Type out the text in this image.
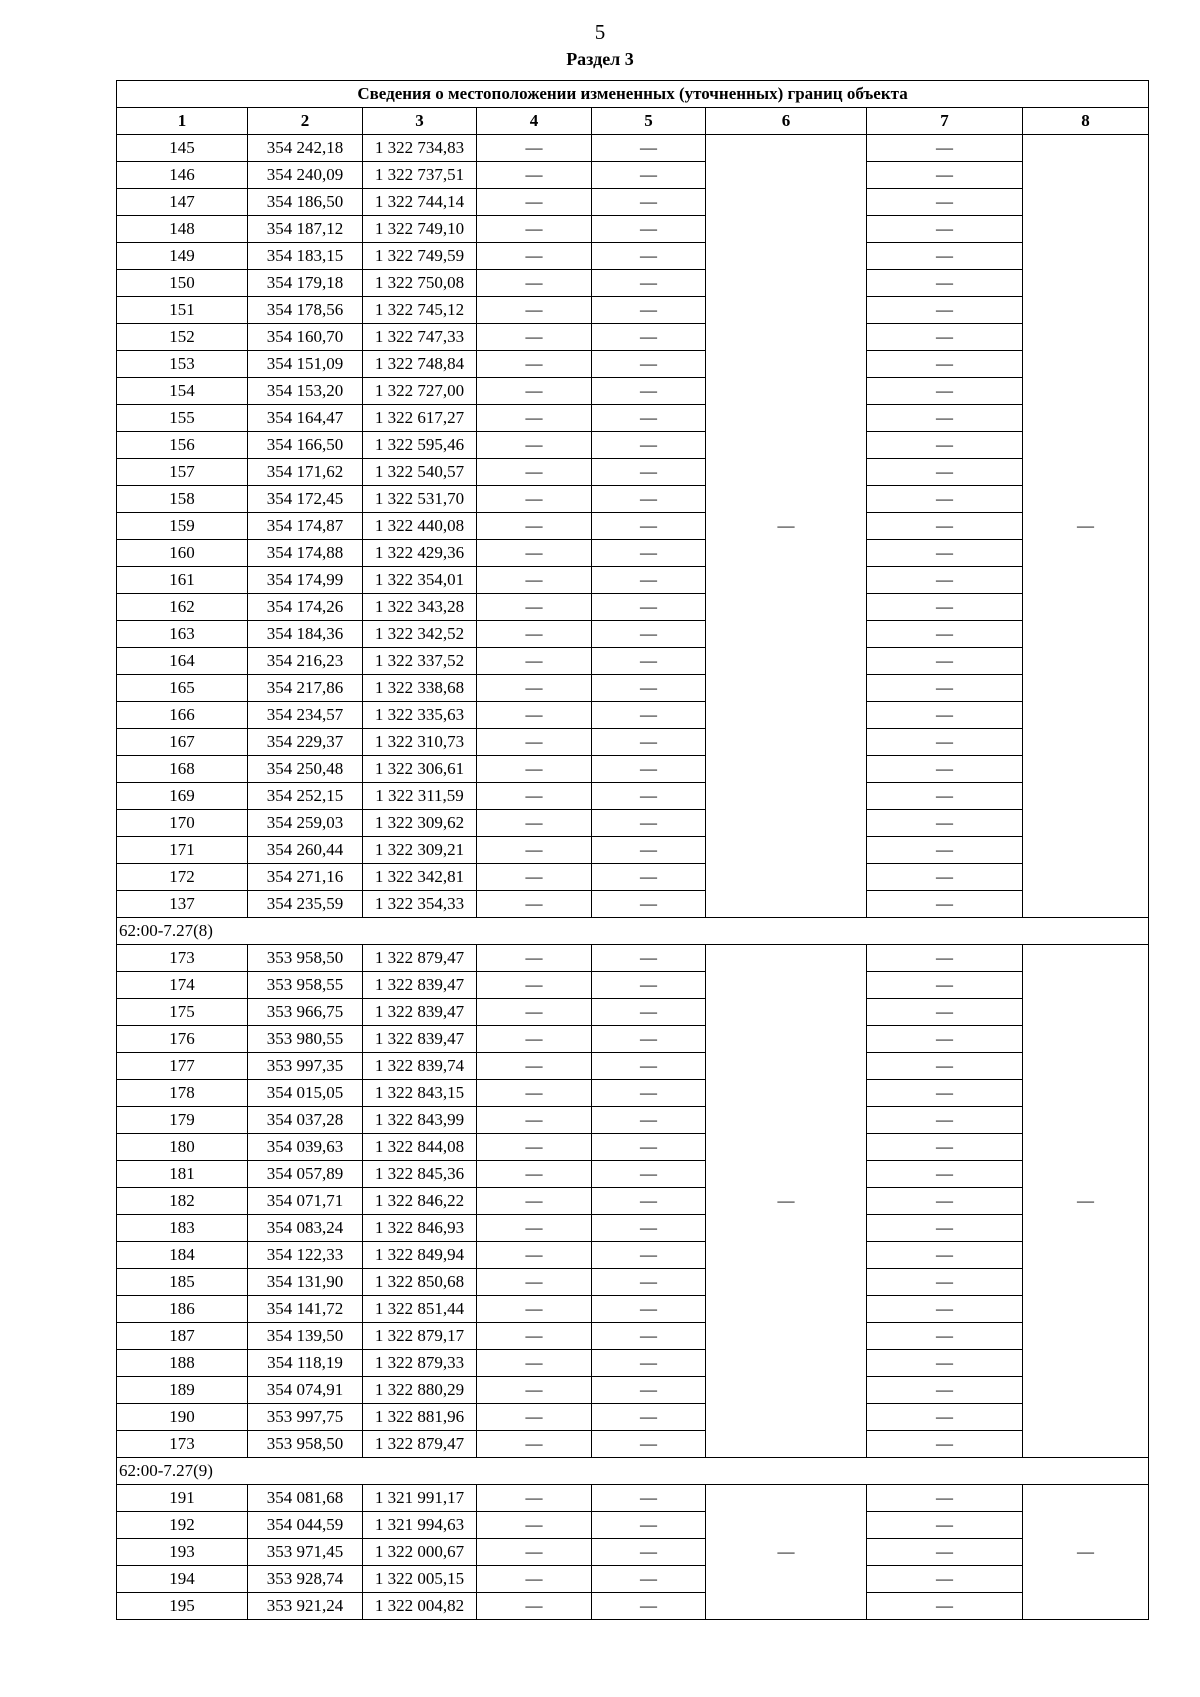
5
Раздел 3
Сведения о местоположении измененных (уточненных) границ объекта							
1	2	3	4	5	6	7	8
145	354 242,18	1 322 734,83	—	—	—	—	—
146	354 240,09	1 322 737,51	—	—		—	
147	354 186,50	1 322 744,14	—	—		—	
148	354 187,12	1 322 749,10	—	—		—	
149	354 183,15	1 322 749,59	—	—		—	
150	354 179,18	1 322 750,08	—	—		—	
151	354 178,56	1 322 745,12	—	—		—	
152	354 160,70	1 322 747,33	—	—		—	
153	354 151,09	1 322 748,84	—	—		—	
154	354 153,20	1 322 727,00	—	—		—	
155	354 164,47	1 322 617,27	—	—		—	
156	354 166,50	1 322 595,46	—	—		—	
157	354 171,62	1 322 540,57	—	—		—	
158	354 172,45	1 322 531,70	—	—		—	
159	354 174,87	1 322 440,08	—	—		—	
160	354 174,88	1 322 429,36	—	—		—	
161	354 174,99	1 322 354,01	—	—		—	
162	354 174,26	1 322 343,28	—	—		—	
163	354 184,36	1 322 342,52	—	—		—	
164	354 216,23	1 322 337,52	—	—		—	
165	354 217,86	1 322 338,68	—	—		—	
166	354 234,57	1 322 335,63	—	—		—	
167	354 229,37	1 322 310,73	—	—		—	
168	354 250,48	1 322 306,61	—	—		—	
169	354 252,15	1 322 311,59	—	—		—	
170	354 259,03	1 322 309,62	—	—		—	
171	354 260,44	1 322 309,21	—	—		—	
172	354 271,16	1 322 342,81	—	—		—	
137	354 235,59	1 322 354,33	—	—		—	
62:00-7.27(8)							
173	353 958,50	1 322 879,47	—	—	—	—	—
174	353 958,55	1 322 839,47	—	—		—	
175	353 966,75	1 322 839,47	—	—		—	
176	353 980,55	1 322 839,47	—	—		—	
177	353 997,35	1 322 839,74	—	—		—	
178	354 015,05	1 322 843,15	—	—		—	
179	354 037,28	1 322 843,99	—	—		—	
180	354 039,63	1 322 844,08	—	—		—	
181	354 057,89	1 322 845,36	—	—		—	
182	354 071,71	1 322 846,22	—	—		—	
183	354 083,24	1 322 846,93	—	—		—	
184	354 122,33	1 322 849,94	—	—		—	
185	354 131,90	1 322 850,68	—	—		—	
186	354 141,72	1 322 851,44	—	—		—	
187	354 139,50	1 322 879,17	—	—		—	
188	354 118,19	1 322 879,33	—	—		—	
189	354 074,91	1 322 880,29	—	—		—	
190	353 997,75	1 322 881,96	—	—		—	
173	353 958,50	1 322 879,47	—	—		—	
62:00-7.27(9)							
191	354 081,68	1 321 991,17	—	—	—	—	—
192	354 044,59	1 321 994,63	—	—		—	
193	353 971,45	1 322 000,67	—	—		—	
194	353 928,74	1 322 005,15	—	—		—	
195	353 921,24	1 322 004,82	—	—		—	
